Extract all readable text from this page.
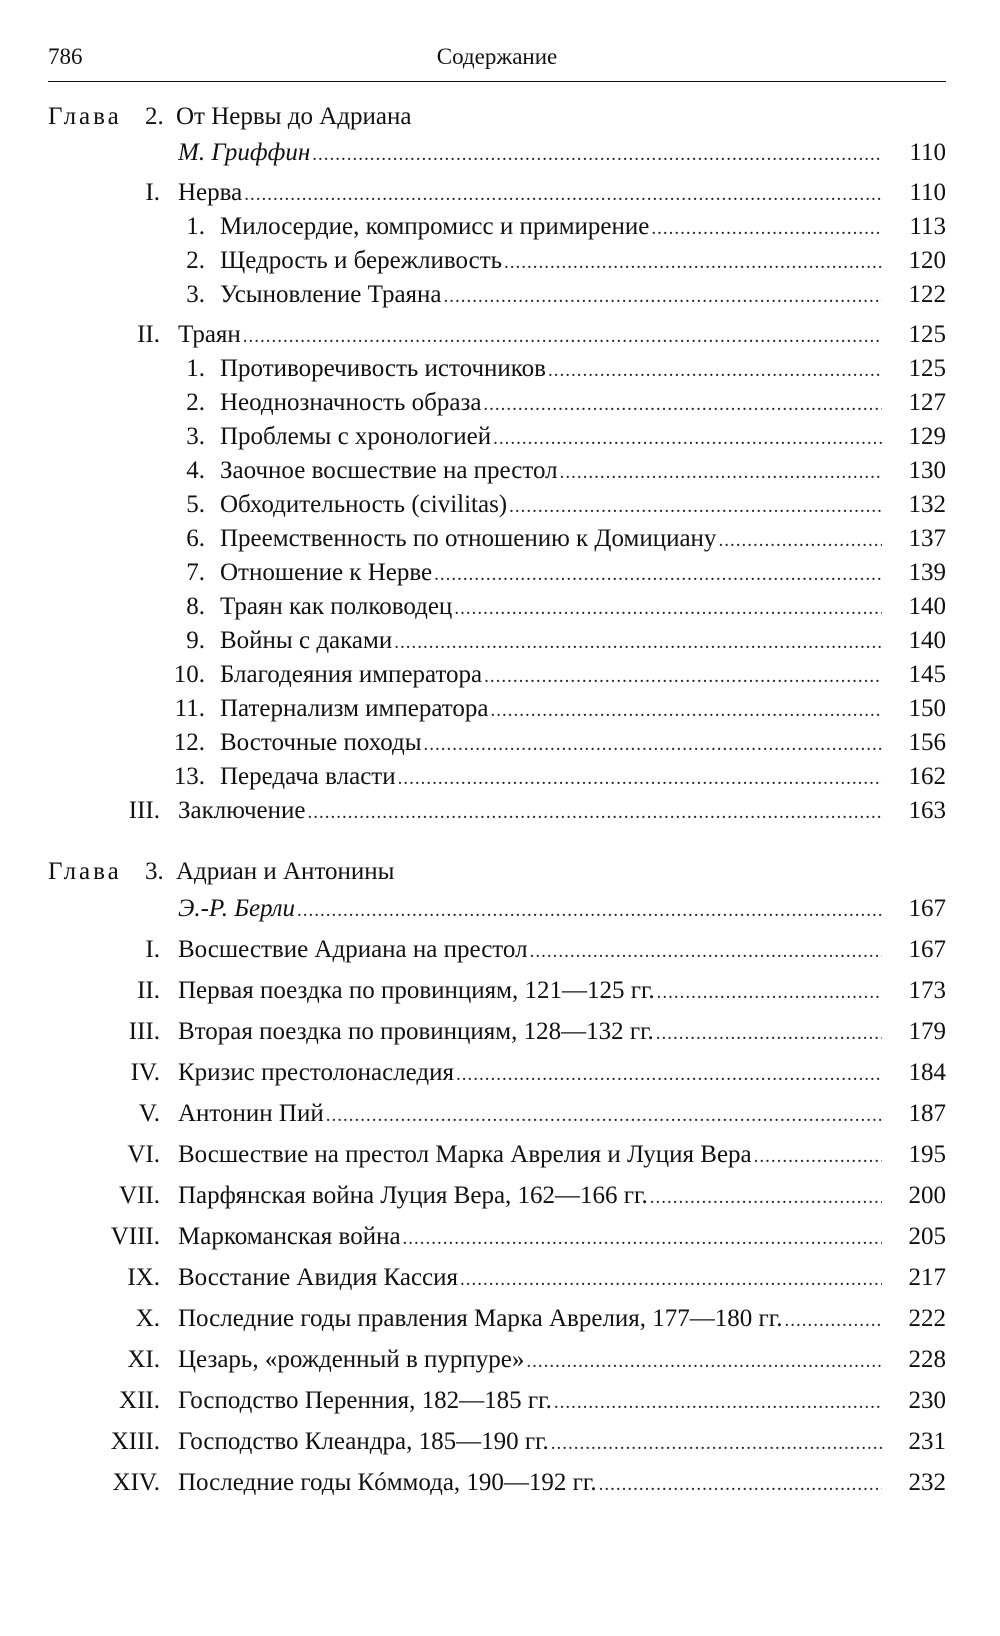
786	Содержание
Глава 2. От Нервы до Адриана
М. Гриффин .....	110
I. Нерва .....	110
1. Милосердие, компромисс и примирение .....	113
2. Щедрость и бережливость .....	120
3. Усыновление Траяна .....	122
II. Траян .....	125
1. Противоречивость источников .....	125
2. Неоднозначность образа .....	127
3. Проблемы с хронологией .....	129
4. Заочное восшествие на престол .....	130
5. Обходительность (civilitas) .....	132
6. Преемственность по отношению к Домициану .....	137
7. Отношение к Нерве .....	139
8. Траян как полководец .....	140
9. Войны с даками .....	140
10. Благодеяния императора .....	145
11. Патернализм императора .....	150
12. Восточные походы .....	156
13. Передача власти .....	162
III. Заключение .....	163
Глава 3. Адриан и Антонины
Э.-Р. Берли .....	167
I. Восшествие Адриана на престол .....	167
II. Первая поездка по провинциям, 121—125 гг. .....	173
III. Вторая поездка по провинциям, 128—132 гг. .....	179
IV. Кризис престолонаследия .....	184
V. Антонин Пий .....	187
VI. Восшествие на престол Марка Аврелия и Луция Вера .....	195
VII. Парфянская война Луция Вера, 162—166 гг. .....	200
VIII. Маркоманская война .....	205
IX. Восстание Авидия Кассия .....	217
X. Последние годы правления Марка Аврелия, 177—180 гг. .....	222
XI. Цезарь, «рожденный в пурпуре» .....	228
XII. Господство Перенния, 182—185 гг. .....	230
XIII. Господство Клеандра, 185—190 гг. .....	231
XIV. Последние годы Кóммода, 190—192 гг. .....	232
